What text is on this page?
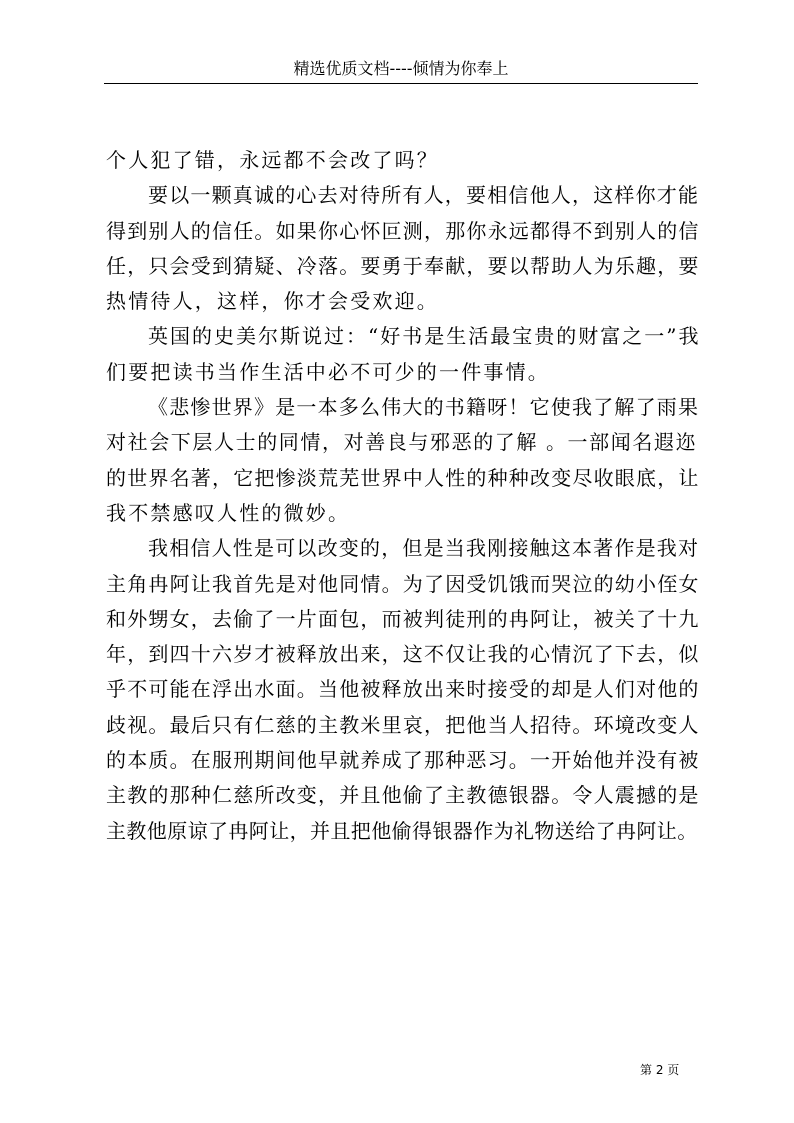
精选优质文档----倾情为你奉上
个人犯了错，永远都不会改了吗？
要以一颗真诚的心去对待所有人，要相信他人，这样你才能
得到别人的信任。如果你心怀叵测，那你永远都得不到别人的信
任，只会受到猜疑、冷落。要勇于奉献，要以帮助人为乐趣，要
热情待人，这样，你才会受欢迎。
英国的史美尔斯说过：“好书是生活最宝贵的财富之一”我
们要把读书当作生活中必不可少的一件事情。
《悲惨世界》是一本多么伟大的书籍呀！它使我了解了雨果
对社会下层人士的同情，对善良与邪恶的了解 。一部闻名遐迩
的世界名著，它把惨淡荒芜世界中人性的种种改变尽收眼底，让
我不禁感叹人性的微妙。
我相信人性是可以改变的，但是当我刚接触这本著作是我对
主角冉阿让我首先是对他同情。为了因受饥饿而哭泣的幼小侄女
和外甥女，去偷了一片面包，而被判徒刑的冉阿让，被关了十九
年，到四十六岁才被释放出来，这不仅让我的心情沉了下去，似
乎不可能在浮出水面。当他被释放出来时接受的却是人们对他的
歧视。最后只有仁慈的主教米里哀，把他当人招待。环境改变人
的本质。在服刑期间他早就养成了那种恶习。一开始他并没有被
主教的那种仁慈所改变，并且他偷了主教德银器。令人震撼的是
主教他原谅了冉阿让，并且把他偷得银器作为礼物送给了冉阿让。
第 2 页
